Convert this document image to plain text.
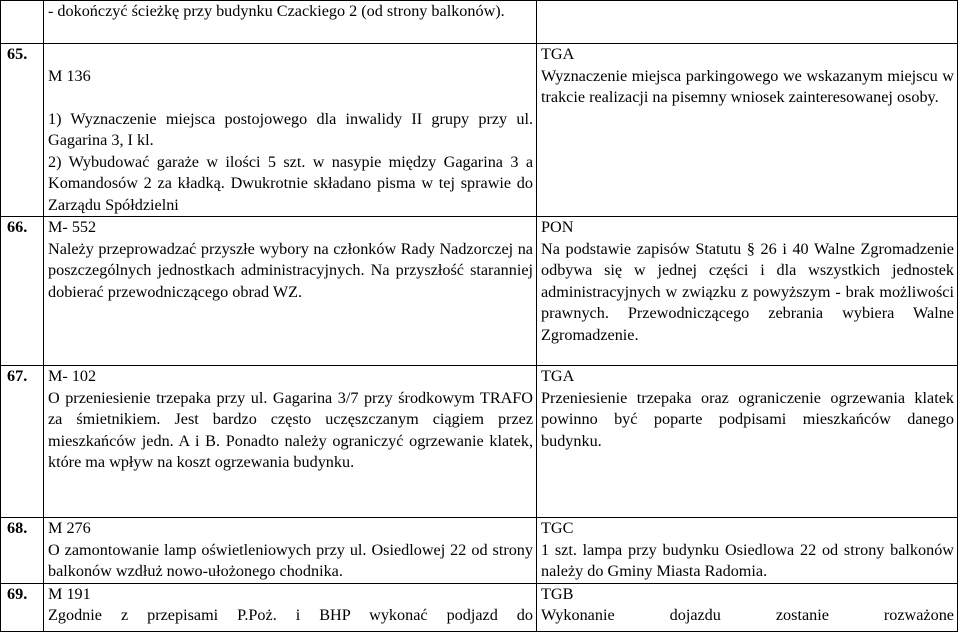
	- dokończyć ścieżkę przy budynku Czackiego 2 (od strony balkonów).	

65.	M 136

1) Wyznaczenie miejsca postojowego dla inwalidy II grupy przy ul. Gagarina 3, I kl.
2) Wybudować garaże w ilości 5 szt. w nasypie między Gagarina 3 a Komandosów 2 za kładką. Dwukrotnie składano pisma w tej sprawie do Zarządu Spółdzielni	TGA
Wyznaczenie miejsca parkingowego we wskazanym miejscu w trakcie realizacji na pisemny wniosek zainteresowanej osoby.
66.	M- 552
Należy przeprowadzać przyszłe wybory na członków Rady Nadzorczej na poszczególnych jednostkach administracyjnych. Na przyszłość staranniej dobierać przewodniczącego obrad WZ.	PON
Na podstawie zapisów Statutu § 26 i 40 Walne Zgromadzenie odbywa się w jednej części i dla wszystkich jednostek administracyjnych w związku z powyższym - brak możliwości prawnych. Przewodniczącego zebrania wybiera Walne Zgromadzenie.
67.	M- 102
O przeniesienie trzepaka przy ul. Gagarina 3/7 przy środkowym TRAFO za śmietnikiem. Jest bardzo często uczęszczanym ciągiem przez mieszkańców jedn. A i B. Ponadto należy ograniczyć ogrzewanie klatek, które ma wpływ na koszt ogrzewania budynku.	TGA
Przeniesienie trzepaka oraz ograniczenie ogrzewania klatek powinno być poparte podpisami mieszkańców danego budynku.
68.	M 276
O zamontowanie lamp oświetleniowych przy ul. Osiedlowej 22 od strony balkonów wzdłuż nowo-ułożonego chodnika.	TGC
1 szt. lampa przy budynku Osiedlowa 22 od strony balkonów należy do Gminy Miasta Radomia.
69.	M 191
Zgodnie z przepisami P.Poż. i BHP wykonać podjazd do	TGB
Wykonanie dojazdu zostanie rozważone
